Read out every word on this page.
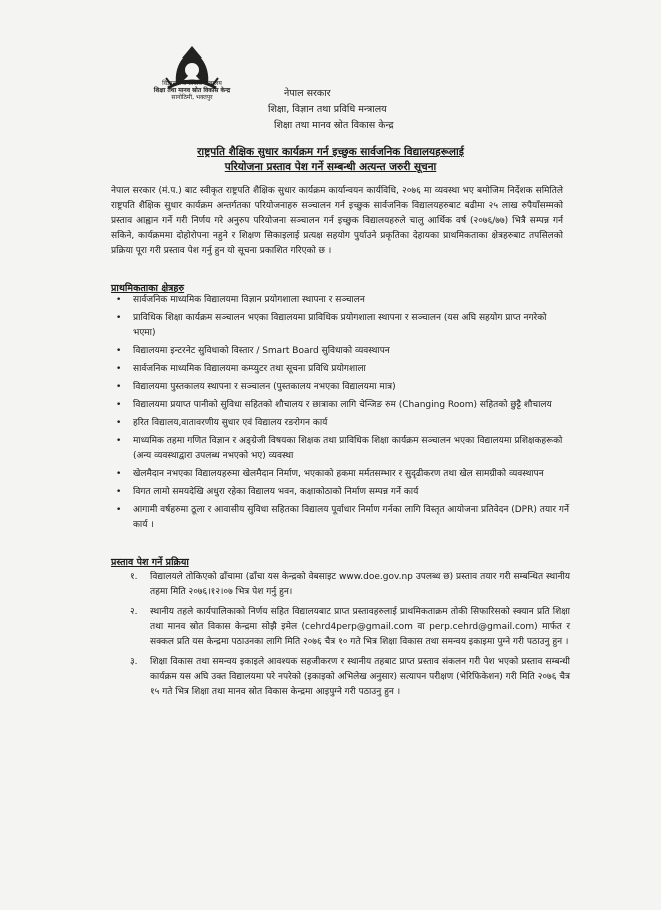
विज्ञान तथा प्रविधि मन्त्रालय
शिक्षा तथा मानव स्रोत विकास केन्द्र
सानोठिमी, भक्तपुर	नेपाल सरकार
शिक्षा, विज्ञान तथा प्रविधि मन्त्रालय
शिक्षा तथा मानव स्रोत विकास केन्द्र
राष्ट्रपति शैक्षिक सुधार कार्यक्रम गर्न इच्छुक सार्वजनिक विद्यालयहरूलाई
परियोजना प्रस्ताव पेश गर्ने सम्बन्धी अत्यन्त जरुरी सूचना
नेपाल सरकार (मं.प.) बाट स्वीकृत राष्ट्रपति शैक्षिक सुधार कार्यक्रम कार्यान्वयन कार्यविधि, २०७६ मा व्यवस्था भए बमोजिम निर्देशक समितिले राष्ट्रपति शैक्षिक सुधार कार्यक्रम अन्तर्गतका परियोजनाहरु सञ्चालन गर्न इच्छुक सार्वजनिक विद्यालयहरुबाट बढीमा २५ लाख रुपैयाँसम्मको प्रस्ताव आह्वान गर्ने गरी निर्णय गरे अनुरुप परियोजना सञ्चालन गर्न इच्छुक विद्यालयहरुले चालु आर्थिक वर्ष (२०७६/७७) भित्रै सम्पन्न गर्न सकिने, कार्यक्रममा दोहोरोपना नहुने र शिक्षण सिकाइलाई प्रत्यक्ष सहयोग पुर्याउने प्रकृतिका देहायका प्राथमिकताका क्षेत्रहरुबाट तपसिलको प्रक्रिया पूरा गरी प्रस्ताव पेश गर्नु हुन यो सूचना प्रकाशित गरिएको छ ।
प्राथमिकताका क्षेत्रहरु
• सार्वजनिक माध्यमिक विद्यालयमा विज्ञान प्रयोगशाला स्थापना र सञ्चालन
• प्राविधिक शिक्षा कार्यक्रम सञ्चालन भएका विद्यालयमा प्राविधिक प्रयोगशाला स्थापना र सञ्चालन (यस अघि सहयोग प्राप्त नगरेको भएमा)
• विद्यालयमा इन्टरनेट सुविधाको विस्तार / Smart Board सुविधाको व्यवस्थापन
• सार्वजनिक माध्यमिक विद्यालयमा कम्प्युटर तथा सूचना प्रविधि प्रयोगशाला
• विद्यालयमा पुस्तकालय स्थापना र सञ्चालन (पुस्तकालय नभएका विद्यालयमा मात्र)
• विद्यालयमा प्रयाप्त पानीको सुविधा सहितको शौचालय र छात्राका लागि चेन्जिङ रुम (Changing Room) सहितको छुट्टै शौचालय
• हरित विद्यालय,वातावरणीय सुधार एवं विद्यालय रङरोगन कार्य
• माध्यमिक तहमा गणित विज्ञान र अङ्ग्रेजी विषयका शिक्षक तथा प्राविधिक शिक्षा कार्यक्रम सञ्चालन भएका विद्यालयमा प्रशिक्षकहरूको (अन्य व्यवस्थाद्वारा उपलब्ध नभएको भए) व्यवस्था
• खेलमैदान नभएका विद्यालयहरुमा खेलमैदान निर्माण, भएकाको हकमा मर्मतसम्भार र सुदृढीकरण तथा खेल सामग्रीको व्यवस्थापन
• विगत लामो समयदेखि अधुरा रहेका विद्यालय भवन, कक्षाकोठाको निर्माण सम्पन्न गर्ने कार्य
• आगामी वर्षहरुमा ठूला र आवासीय सुविधा सहितका विद्यालय पूर्वाधार निर्माण गर्नका लागि विस्तृत आयोजना प्रतिवेदन (DPR) तयार गर्ने कार्य ।
प्रस्ताव पेश गर्ने प्रक्रिया
१. विद्यालयले तोकिएको ढाँचामा (ढाँचा यस केन्द्रको वेबसाइट www.doe.gov.np उपलब्ध छ) प्रस्ताव तयार गरी सम्बन्धित स्थानीय तहमा मिति २०७६।१२।०७ भित्र पेश गर्नु हुन।
२. स्थानीय तहले कार्यपालिकाको निर्णय सहित विद्यालयबाट प्राप्त प्रस्तावहरुलाई प्राथमिकताक्रम तोकी सिफारिसको स्क्यान प्रति शिक्षा तथा मानव स्रोत विकास केन्द्रमा सोझै इमेल (cehrd4perp@gmail.com वा perp.cehrd@gmail.com) मार्फत र सक्कल प्रति यस केन्द्रमा पठाउनका लागि मिति २०७६ चैत्र १० गते भित्र शिक्षा विकास तथा समन्वय इकाइमा पुग्ने गरी पठाउनु हुन ।
३. शिक्षा विकास तथा समन्वय इकाइले आवश्यक सहजीकरण र स्थानीय तहबाट प्राप्त प्रस्ताव संकलन गरी पेश भएको प्रस्ताव सम्बन्धी कार्यक्रम यस अघि उक्त विद्यालयमा परे नपरेको (इकाइको अभिलेख अनुसार) सत्यापन परीक्षण (भेरिफिकेशन) गरी मिति २०७६ चैत्र १५ गते भित्र शिक्षा तथा मानव स्रोत विकास केन्द्रमा आइपुग्ने गरी पठाउनु हुन ।
